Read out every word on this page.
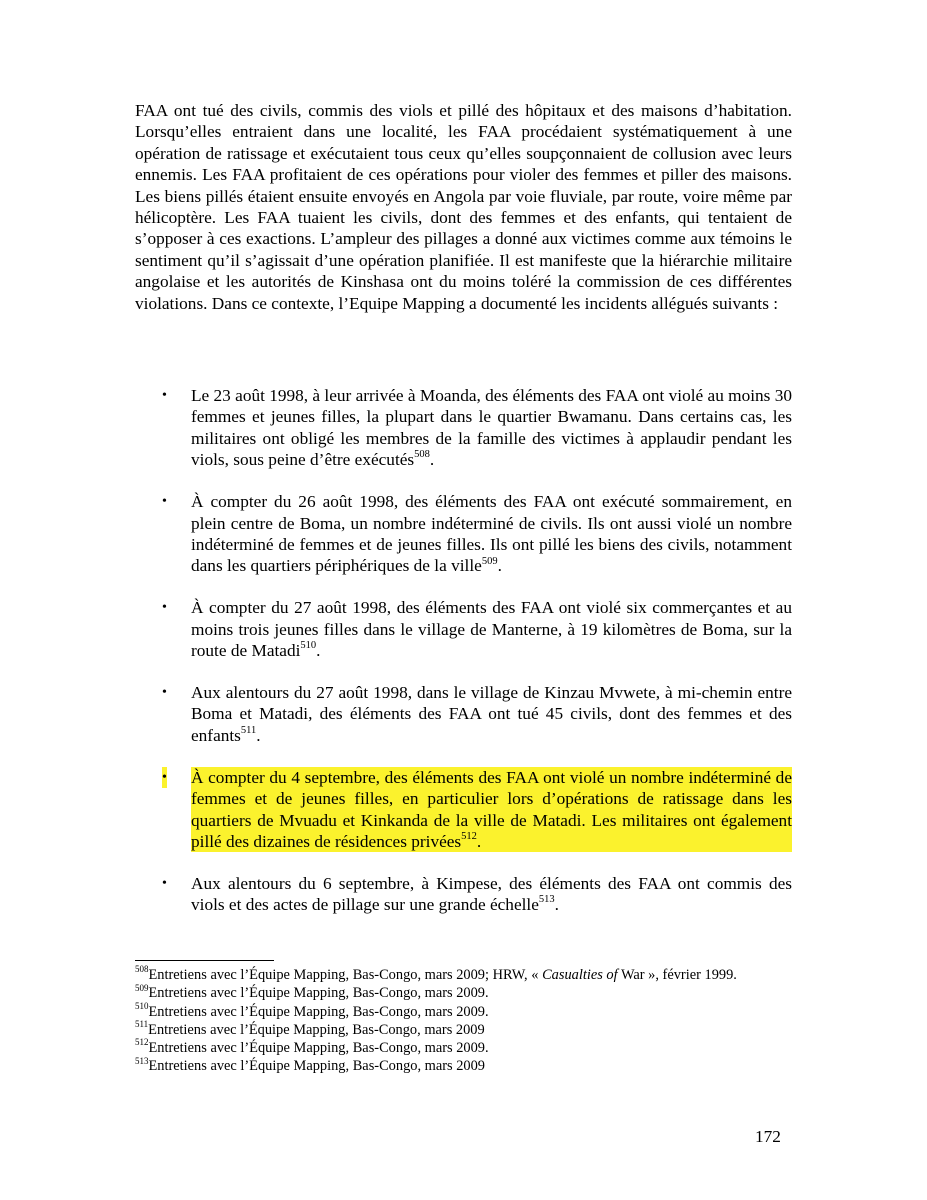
FAA ont tué des civils, commis des viols et pillé des hôpitaux et des maisons d’habitation. Lorsqu’elles entraient dans une localité, les FAA procédaient systématiquement à une opération de ratissage et exécutaient tous ceux qu’elles soupçonnaient de collusion avec leurs ennemis. Les FAA profitaient de ces opérations pour violer des femmes et piller des maisons. Les biens pillés étaient ensuite envoyés en Angola par voie fluviale, par route, voire même par hélicoptère. Les FAA tuaient les civils, dont des femmes et des enfants, qui tentaient de s’opposer à ces exactions. L’ampleur des pillages a donné aux victimes comme aux témoins le sentiment qu’il s’agissait d’une opération planifiée. Il est manifeste que la hiérarchie militaire angolaise et les autorités de Kinshasa ont du moins toléré la commission de ces différentes violations. Dans ce contexte, l’Equipe Mapping a documenté les incidents allégués suivants :

• Le 23 août 1998, à leur arrivée à Moanda, des éléments des FAA ont violé au moins 30 femmes et jeunes filles, la plupart dans le quartier Bwamanu. Dans certains cas, les militaires ont obligé les membres de la famille des victimes à applaudir pendant les viols, sous peine d’être exécutés$^{508}$.
• À compter du 26 août 1998, des éléments des FAA ont exécuté sommairement, en plein centre de Boma, un nombre indéterminé de civils. Ils ont aussi violé un nombre indéterminé de femmes et de jeunes filles. Ils ont pillé les biens des civils, notamment dans les quartiers périphériques de la ville$^{509}$.
• À compter du 27 août 1998, des éléments des FAA ont violé six commerçantes et au moins trois jeunes filles dans le village de Manterne, à 19 kilomètres de Boma, sur la route de Matadi$^{510}$.
• Aux alentours du 27 août 1998, dans le village de Kinzau Mvwete, à mi-chemin entre Boma et Matadi, des éléments des FAA ont tué 45 civils, dont des femmes et des enfants$^{511}$.
• À compter du 4 septembre, des éléments des FAA ont violé un nombre indéterminé de femmes et de jeunes filles, en particulier lors d’opérations de ratissage dans les quartiers de Mvuadu et Kinkanda de la ville de Matadi. Les militaires ont également pillé des dizaines de résidences privées$^{512}$.
• Aux alentours du 6 septembre, à Kimpese, des éléments des FAA ont commis des viols et des actes de pillage sur une grande échelle$^{513}$.
$^{508}$Entretiens avec l’Équipe Mapping, Bas-Congo, mars 2009; HRW, « Casualties of War », février 1999.
$^{509}$Entretiens avec l’Équipe Mapping, Bas-Congo, mars 2009.
$^{510}$Entretiens avec l’Équipe Mapping, Bas-Congo, mars 2009.
$^{511}$Entretiens avec l’Équipe Mapping, Bas-Congo, mars 2009
$^{512}$Entretiens avec l’Équipe Mapping, Bas-Congo, mars 2009.
$^{513}$Entretiens avec l’Équipe Mapping, Bas-Congo, mars 2009
172
